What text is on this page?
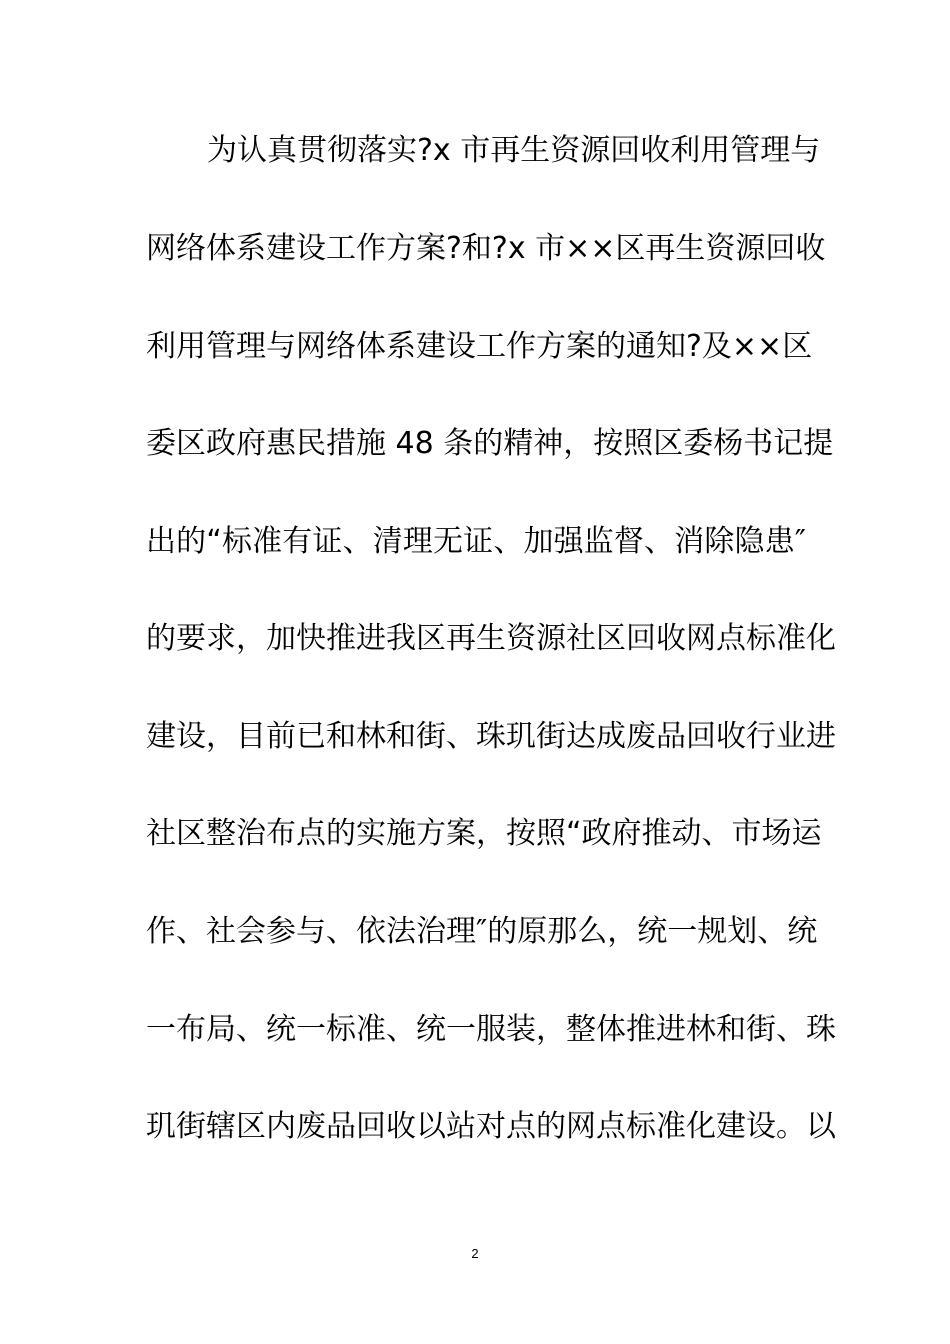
为认真贯彻落实?x 市再生资源回收利用管理与
网络体系建设工作方案?和?x 市××区再生资源回收
利用管理与网络体系建设工作方案的通知?及××区
委区政府惠民措施 48 条的精神，按照区委杨书记提
出的“标准有证、清理无证、加强监督、消除隐患″
的要求，加快推进我区再生资源社区回收网点标准化
建设，目前已和林和街、珠玑街达成废品回收行业进
社区整治布点的实施方案，按照“政府推动、市场运
作、社会参与、依法治理″的原那么，统一规划、统
一布局、统一标准、统一服装，整体推进林和街、珠
玑街辖区内废品回收以站对点的网点标准化建设。以
2
